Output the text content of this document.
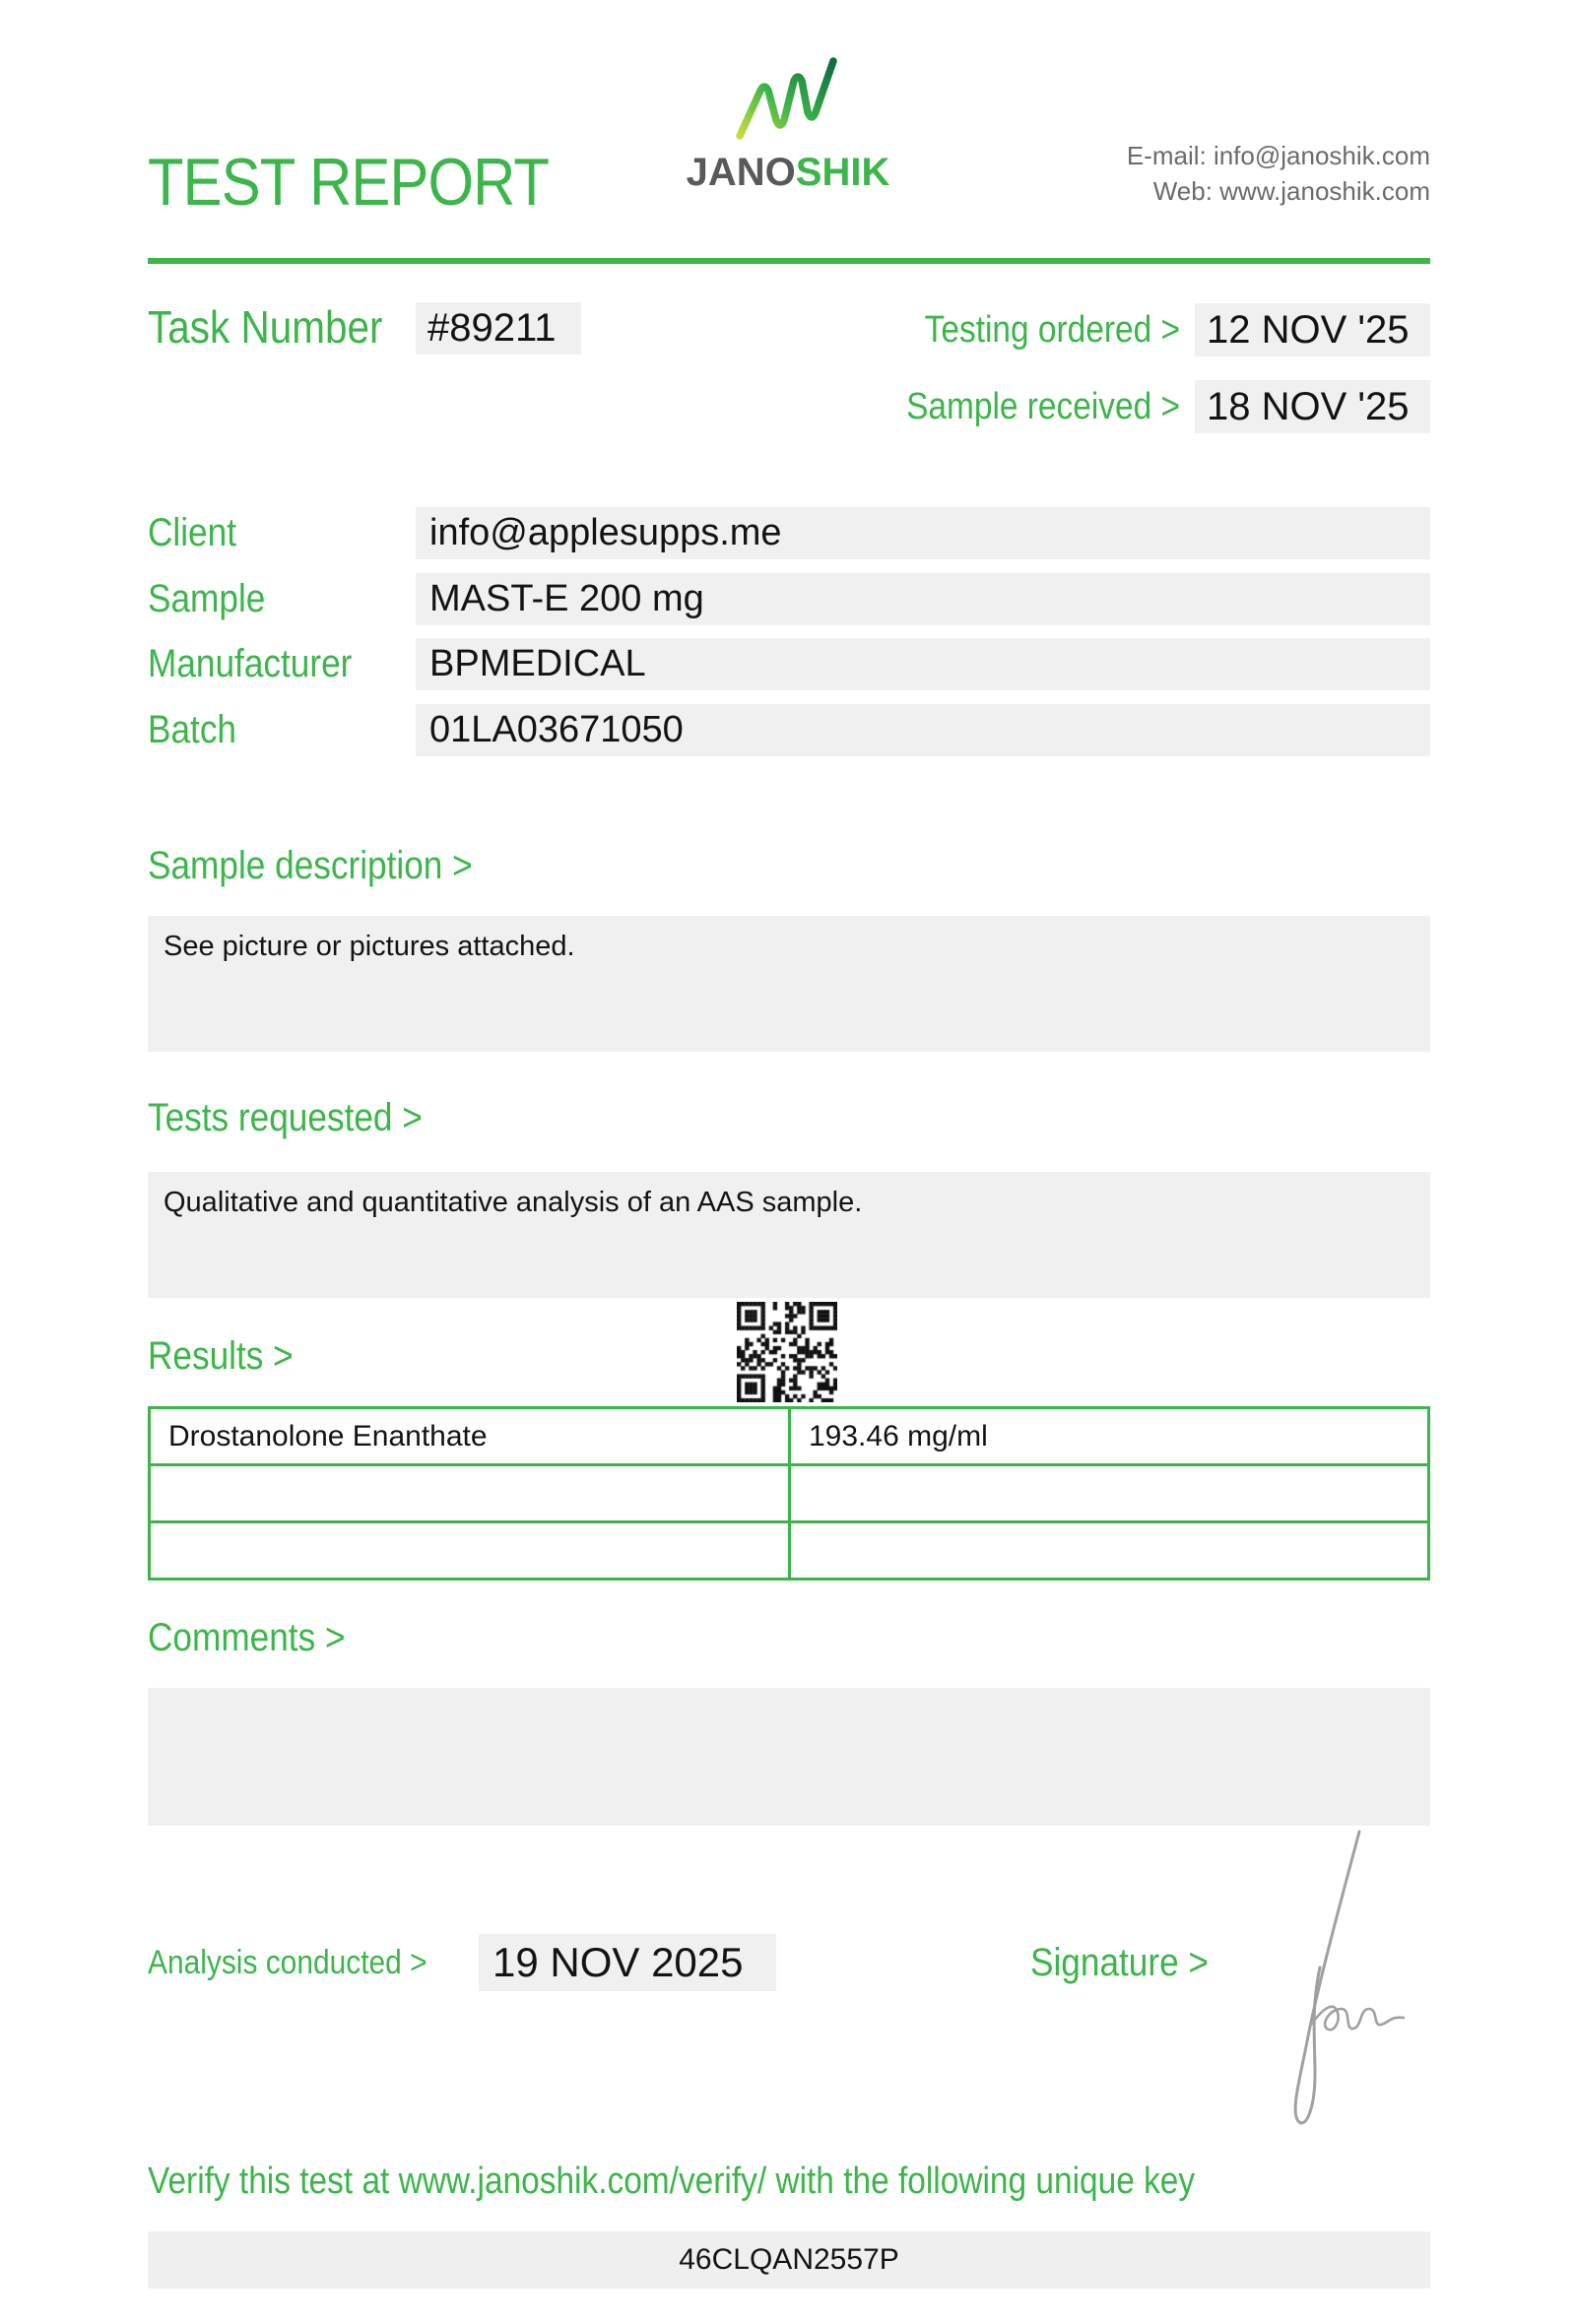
TEST REPORT	JANOSHIK	E-mail: info@janoshik.com
Web: www.janoshik.com
Task Number	#89211	Testing ordered > 12 NOV '25
Sample received > 18 NOV '25
Client	info@applesupps.me
Sample	MAST-E 200 mg
Manufacturer	BPMEDICAL
Batch	01LA03671050
Sample description >
See picture or pictures attached.
Tests requested >
Qualitative and quantitative analysis of an AAS sample.
Results >
Drostanolone Enanthate	193.46 mg/ml
Comments >
Analysis conducted >	19 NOV 2025	Signature >
Verify this test at www.janoshik.com/verify/ with the following unique key
46CLQAN2557P
